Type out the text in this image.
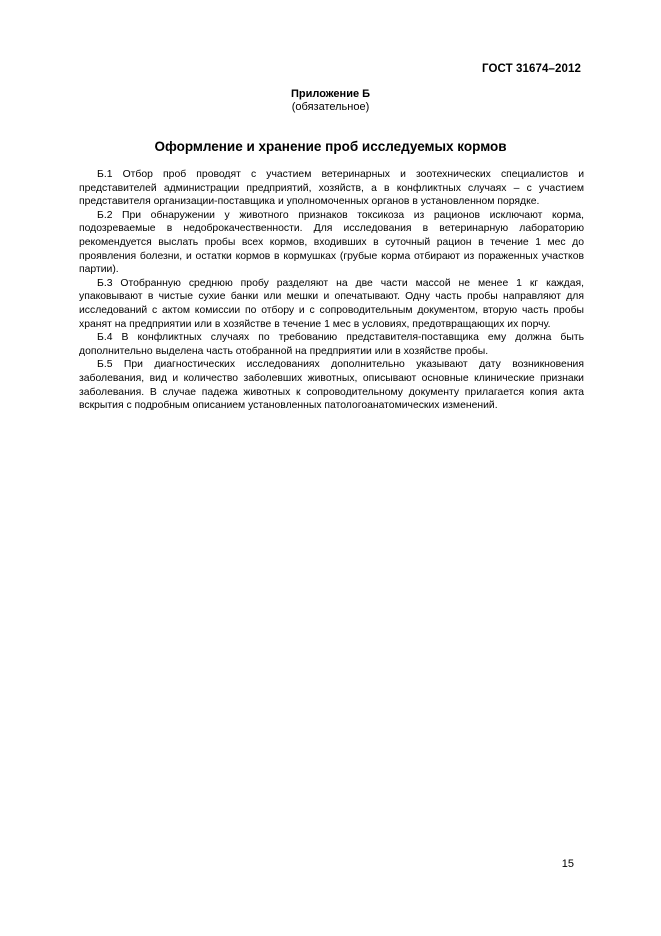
ГОСТ 31674–2012
Приложение Б
(обязательное)
Оформление и хранение проб исследуемых кормов

Б.1 Отбор проб проводят с участием ветеринарных и зоотехнических специалистов и представителей администрации предприятий, хозяйств, а в конфликтных случаях – с участием представителя организации-поставщика и уполномоченных органов в установленном порядке.

Б.2 При обнаружении у животного признаков токсикоза из рационов исключают корма, подозреваемые в недоброкачественности. Для исследования в ветеринарную лабораторию рекомендуется выслать пробы всех кормов, входивших в суточный рацион в течение 1 мес до проявления болезни, и остатки кормов в кормушках (грубые корма отбирают из пораженных участков партии).

Б.3 Отобранную среднюю пробу разделяют на две части массой не менее 1 кг каждая, упаковывают в чистые сухие банки или мешки и опечатывают. Одну часть пробы направляют для исследований с актом комиссии по отбору и с сопроводительным документом, вторую часть пробы хранят на предприятии или в хозяйстве в течение 1 мес в условиях, предотвращающих их порчу.

Б.4 В конфликтных случаях по требованию представителя-поставщика ему должна быть дополнительно выделена часть отобранной на предприятии или в хозяйстве пробы.

Б.5 При диагностических исследованиях дополнительно указывают дату возникновения заболевания, вид и количество заболевших животных, описывают основные клинические признаки заболевания. В случае падежа животных к сопроводительному документу прилагается копия акта вскрытия с подробным описанием установленных патологоанатомических изменений.

15
